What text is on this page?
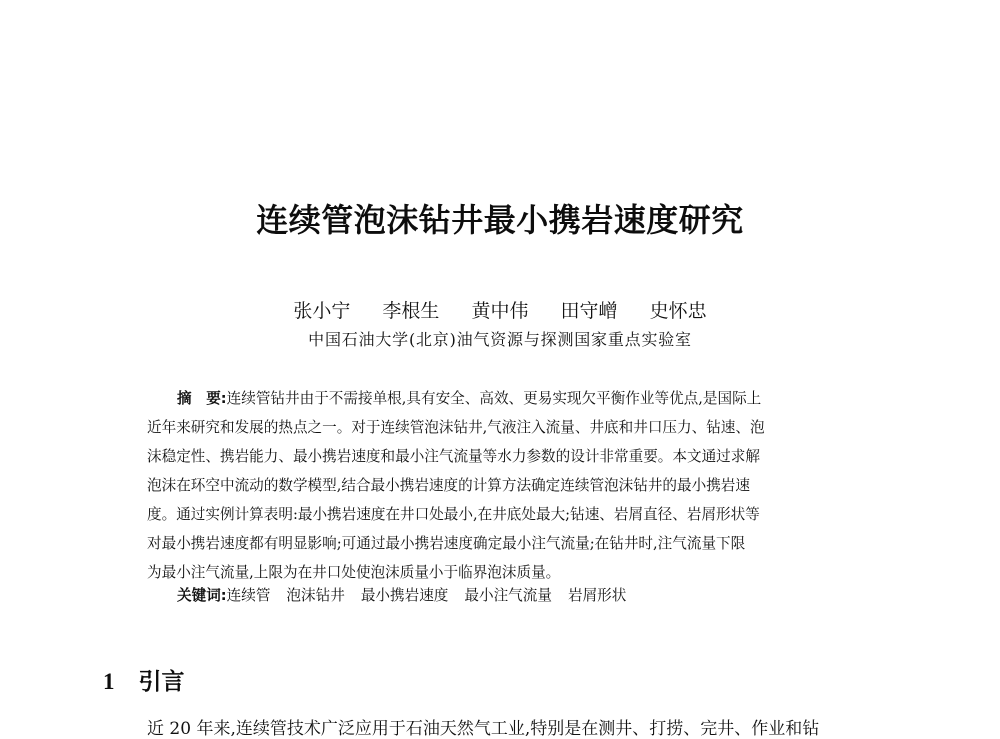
连续管泡沫钻井最小携岩速度研究
张小宁 李根生 黄中伟 田守嶒 史怀忠
中国石油大学(北京)油气资源与探测国家重点实验室
摘　要:连续管钻井由于不需接单根,具有安全、高效、更易实现欠平衡作业等优点,是国际上
近年来研究和发展的热点之一。对于连续管泡沫钻井,气液注入流量、井底和井口压力、钻速、泡
沫稳定性、携岩能力、最小携岩速度和最小注气流量等水力参数的设计非常重要。本文通过求解
泡沫在环空中流动的数学模型,结合最小携岩速度的计算方法确定连续管泡沫钻井的最小携岩速
度。通过实例计算表明:最小携岩速度在井口处最小,在井底处最大;钻速、岩屑直径、岩屑形状等
对最小携岩速度都有明显影响;可通过最小携岩速度确定最小注气流量;在钻井时,注气流量下限
为最小注气流量,上限为在井口处使泡沫质量小于临界泡沫质量。
关键词:连续管 泡沫钻井 最小携岩速度 最小注气流量 岩屑形状
1 引言
近 20 年来,连续管技术广泛应用于石油天然气工业,特别是在测井、打捞、完井、作业和钻
